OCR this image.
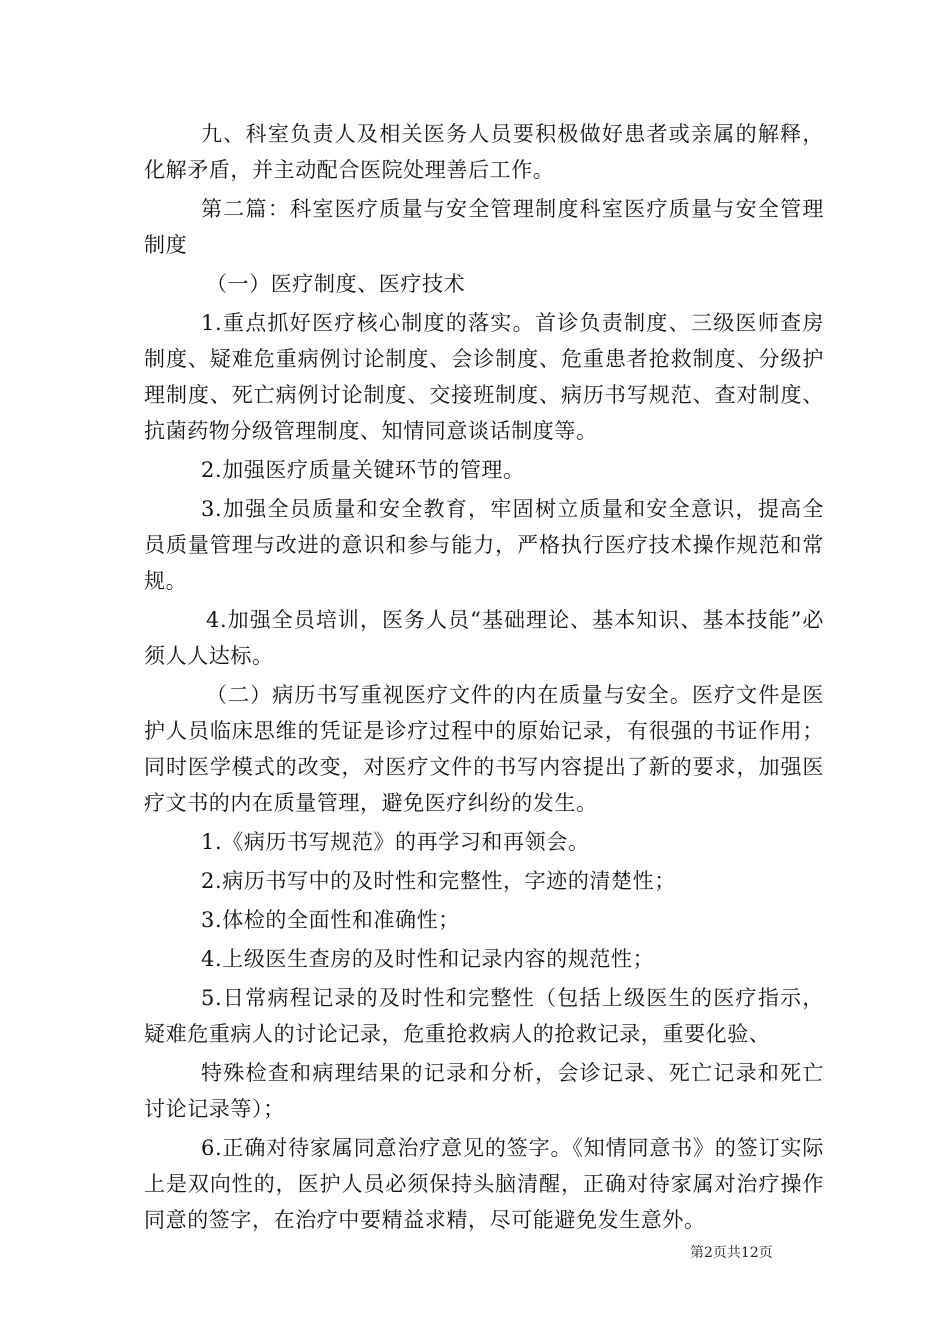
九、科室负责人及相关医务人员要积极做好患者或亲属的解释，化解矛盾，并主动配合医院处理善后工作。

第二篇：科室医疗质量与安全管理制度科室医疗质量与安全管理制度

（一）医疗制度、医疗技术

1.重点抓好医疗核心制度的落实。首诊负责制度、三级医师查房制度、疑难危重病例讨论制度、会诊制度、危重患者抢救制度、分级护理制度、死亡病例讨论制度、交接班制度、病历书写规范、查对制度、抗菌药物分级管理制度、知情同意谈话制度等。

2.加强医疗质量关键环节的管理。

3.加强全员质量和安全教育，牢固树立质量和安全意识，提高全员质量管理与改进的意识和参与能力，严格执行医疗技术操作规范和常规。

4.加强全员培训，医务人员“基础理论、基本知识、基本技能”必须人人达标。

（二）病历书写重视医疗文件的内在质量与安全。医疗文件是医护人员临床思维的凭证是诊疗过程中的原始记录，有很强的书证作用；同时医学模式的改变，对医疗文件的书写内容提出了新的要求，加强医疗文书的内在质量管理，避免医疗纠纷的发生。

1.《病历书写规范》的再学习和再领会。

2.病历书写中的及时性和完整性，字迹的清楚性；

3.体检的全面性和准确性；

4.上级医生查房的及时性和记录内容的规范性；

5.日常病程记录的及时性和完整性（包括上级医生的医疗指示，疑难危重病人的讨论记录，危重抢救病人的抢救记录，重要化验、

特殊检查和病理结果的记录和分析，会诊记录、死亡记录和死亡讨论记录等）；

6.正确对待家属同意治疗意见的签字。《知情同意书》的签订实际上是双向性的，医护人员必须保持头脑清醒，正确对待家属对治疗操作同意的签字，在治疗中要精益求精，尽可能避免发生意外。

第2页共12页
